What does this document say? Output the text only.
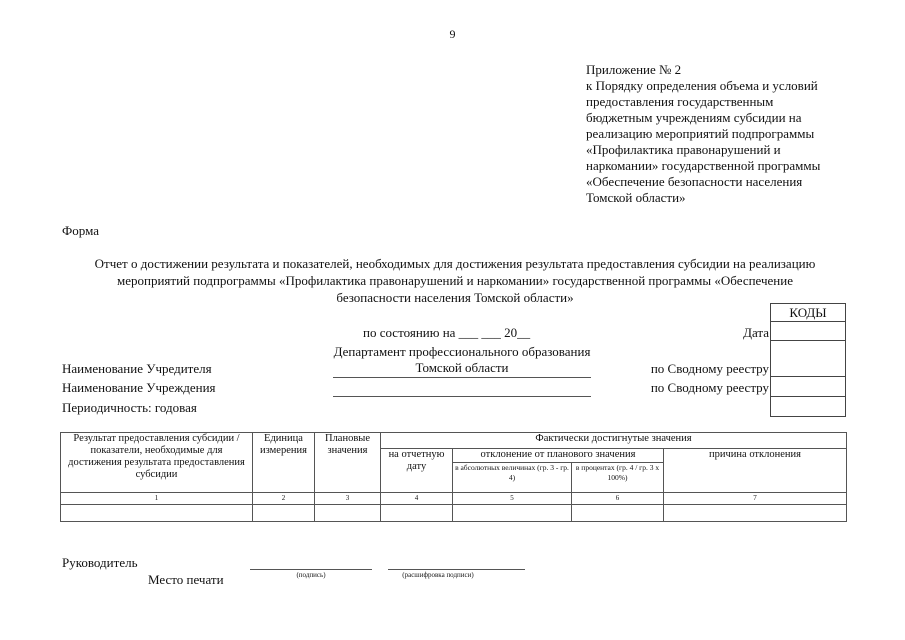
9
Приложение № 2
к Порядку определения объема и условий
предоставления государственным
бюджетным учреждениям субсидии на
реализацию мероприятий подпрограммы
«Профилактика правонарушений и
наркомании» государственной программы
«Обеспечение безопасности населения
Томской области»
Форма
Отчет о достижении результата и показателей, необходимых для достижения результата предоставления субсидии на реализацию
мероприятий подпрограммы «Профилактика правонарушений и наркомании» государственной программы «Обеспечение
безопасности населения Томской области»
по состоянию на ___ ___ 20__
Департамент профессионального образования Томской области
Наименование Учредителя
Наименование Учреждения
Периодичность: годовая
Дата
по Сводному реестру
по Сводному реестру
КОДЫ
Результат предоставления субсидии /показатели, необходимые для достижения результата предоставления субсидии	Единица измерения	Плановые значения	Фактически достигнутые значения			
			на отчетную дату	отклонение от планового значения		причина отклонения
				в абсолютных величинах (гр. 3 - гр. 4)	в процентах (гр. 4 / гр. 3 х 100%)	
1	2	3	4	5	6	7

Руководитель
Место печати	(подпись)	(расшифровка подписи)
